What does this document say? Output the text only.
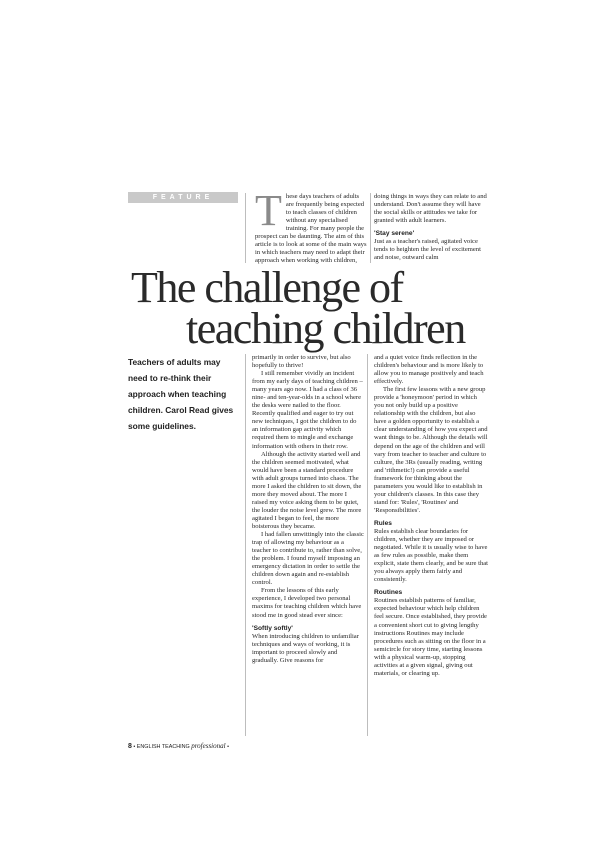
FEATURE These days teachers of adults are frequently being expected to teach classes of children without any specialised training. For many people the prospect can be daunting. The aim of this article is to look at some of the main ways in which teachers may need to adapt their approach when working with children,

doing things in ways they can relate to and understand. Don't assume they will have the social skills or attitudes we take for granted with adult learners.

'Stay serene'

Just as a teacher's raised, agitated voice tends to heighten the level of excitement and noise, outward calm

The challenge of
teaching children
Teachers of adults may need to re-think their approach when teaching children. Carol Read gives some guidelines.

primarily in order to survive, but also hopefully to thrive!

I still remember vividly an incident from my early days of teaching children – many years ago now. I had a class of 36 nine- and ten-year-olds in a school where the desks were nailed to the floor. Recently qualified and eager to try out new techniques, I got the children to do an information gap activity which required them to mingle and exchange information with others in their row.

Although the activity started well and the children seemed motivated, what would have been a standard procedure with adult groups turned into chaos. The more I asked the children to sit down, the more they moved about. The more I raised my voice asking them to be quiet, the louder the noise level grew. The more agitated I began to feel, the more boisterous they became.

I had fallen unwittingly into the classic trap of allowing my behaviour as a teacher to contribute to, rather than solve, the problem. I found myself imposing an emergency dictation in order to settle the children down again and re-establish control.

From the lessons of this early experience, I developed two personal maxims for teaching children which have stood me in good stead ever since:

'Softly softly'

When introducing children to unfamiliar techniques and ways of working, it is important to proceed slowly and gradually. Give reasons for

and a quiet voice finds reflection in the children's behaviour and is more likely to allow you to manage positively and teach effectively.

The first few lessons with a new group provide a 'honeymoon' period in which you not only build up a positive relationship with the children, but also have a golden opportunity to establish a clear understanding of how you expect and want things to be. Although the details will depend on the age of the children and will vary from teacher to teacher and culture to culture, the 3Rs (usually reading, writing and 'rithmetic!) can provide a useful framework for thinking about the parameters you would like to establish in your children's classes. In this case they stand for: 'Rules', 'Routines' and 'Responsibilities'.

Rules

Rules establish clear boundaries for children, whether they are imposed or negotiated. While it is usually wise to have as few rules as possible, make them explicit, state them clearly, and be sure that you always apply them fairly and consistently.

Routines

Routines establish patterns of familiar, expected behaviour which help children feel secure. Once established, they provide a convenient short cut to giving lengthy instructions Routines may include procedures such as sitting on the floor in a semicircle for story time, starting lessons with a physical warm-up, stopping activities at a given signal, giving out materials, or clearing up.

8 • ENGLISH TEACHING professional •
